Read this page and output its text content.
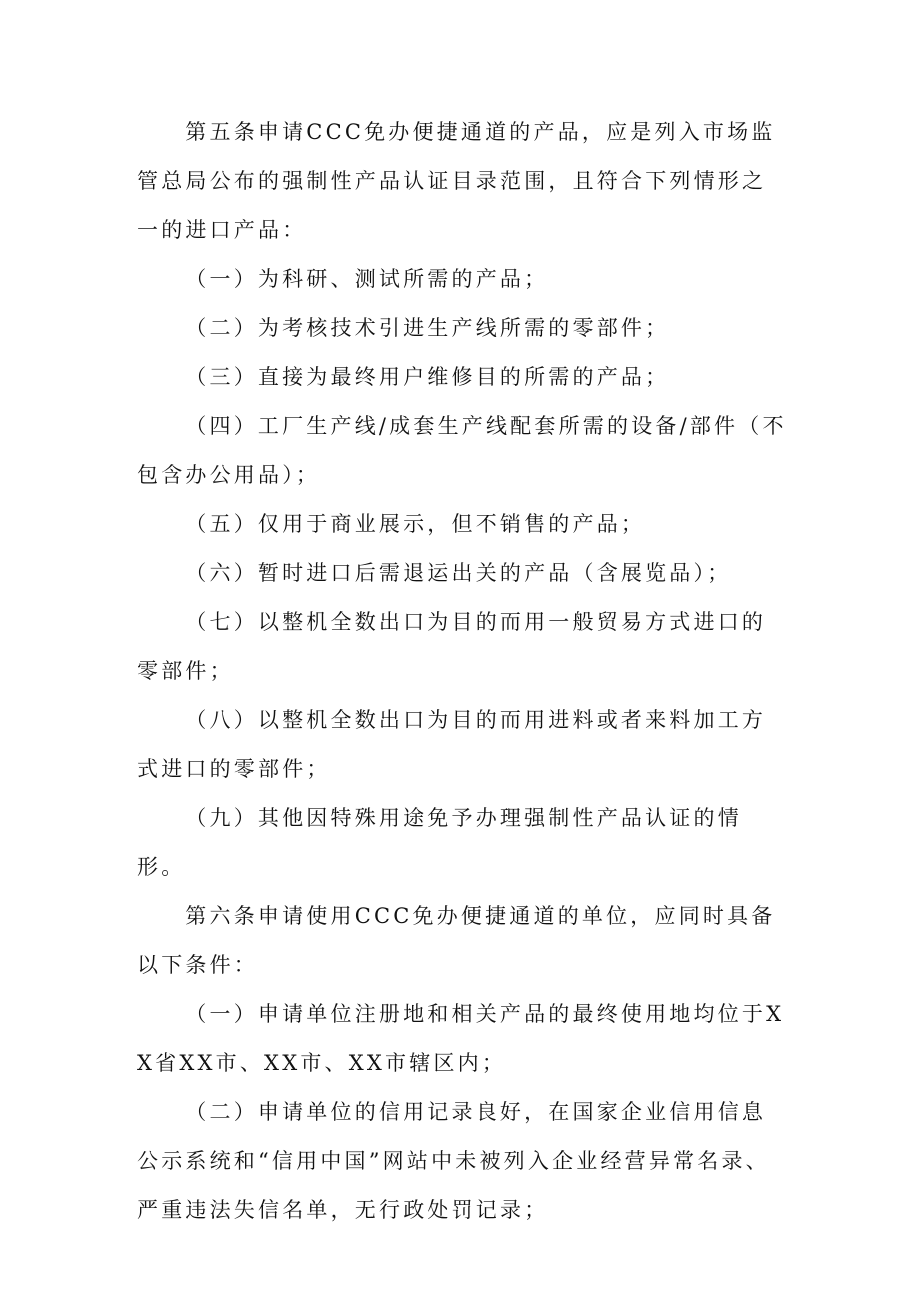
第五条申请CCC免办便捷通道的产品，应是列入市场监管总局公布的强制性产品认证目录范围，且符合下列情形之一的进口产品：

（一）为科研、测试所需的产品；

（二）为考核技术引进生产线所需的零部件；

（三）直接为最终用户维修目的所需的产品；

（四）工厂生产线/成套生产线配套所需的设备/部件（不包含办公用品）；

（五）仅用于商业展示，但不销售的产品；

（六）暂时进口后需退运出关的产品（含展览品）；

（七）以整机全数出口为目的而用一般贸易方式进口的零部件；

（八）以整机全数出口为目的而用进料或者来料加工方式进口的零部件；

（九）其他因特殊用途免予办理强制性产品认证的情形。

第六条申请使用CCC免办便捷通道的单位，应同时具备以下条件：

（一）申请单位注册地和相关产品的最终使用地均位于XX省XX市、XX市、XX市辖区内；

（二）申请单位的信用记录良好，在国家企业信用信息公示系统和“信用中国”网站中未被列入企业经营异常名录、严重违法失信名单，无行政处罚记录；
